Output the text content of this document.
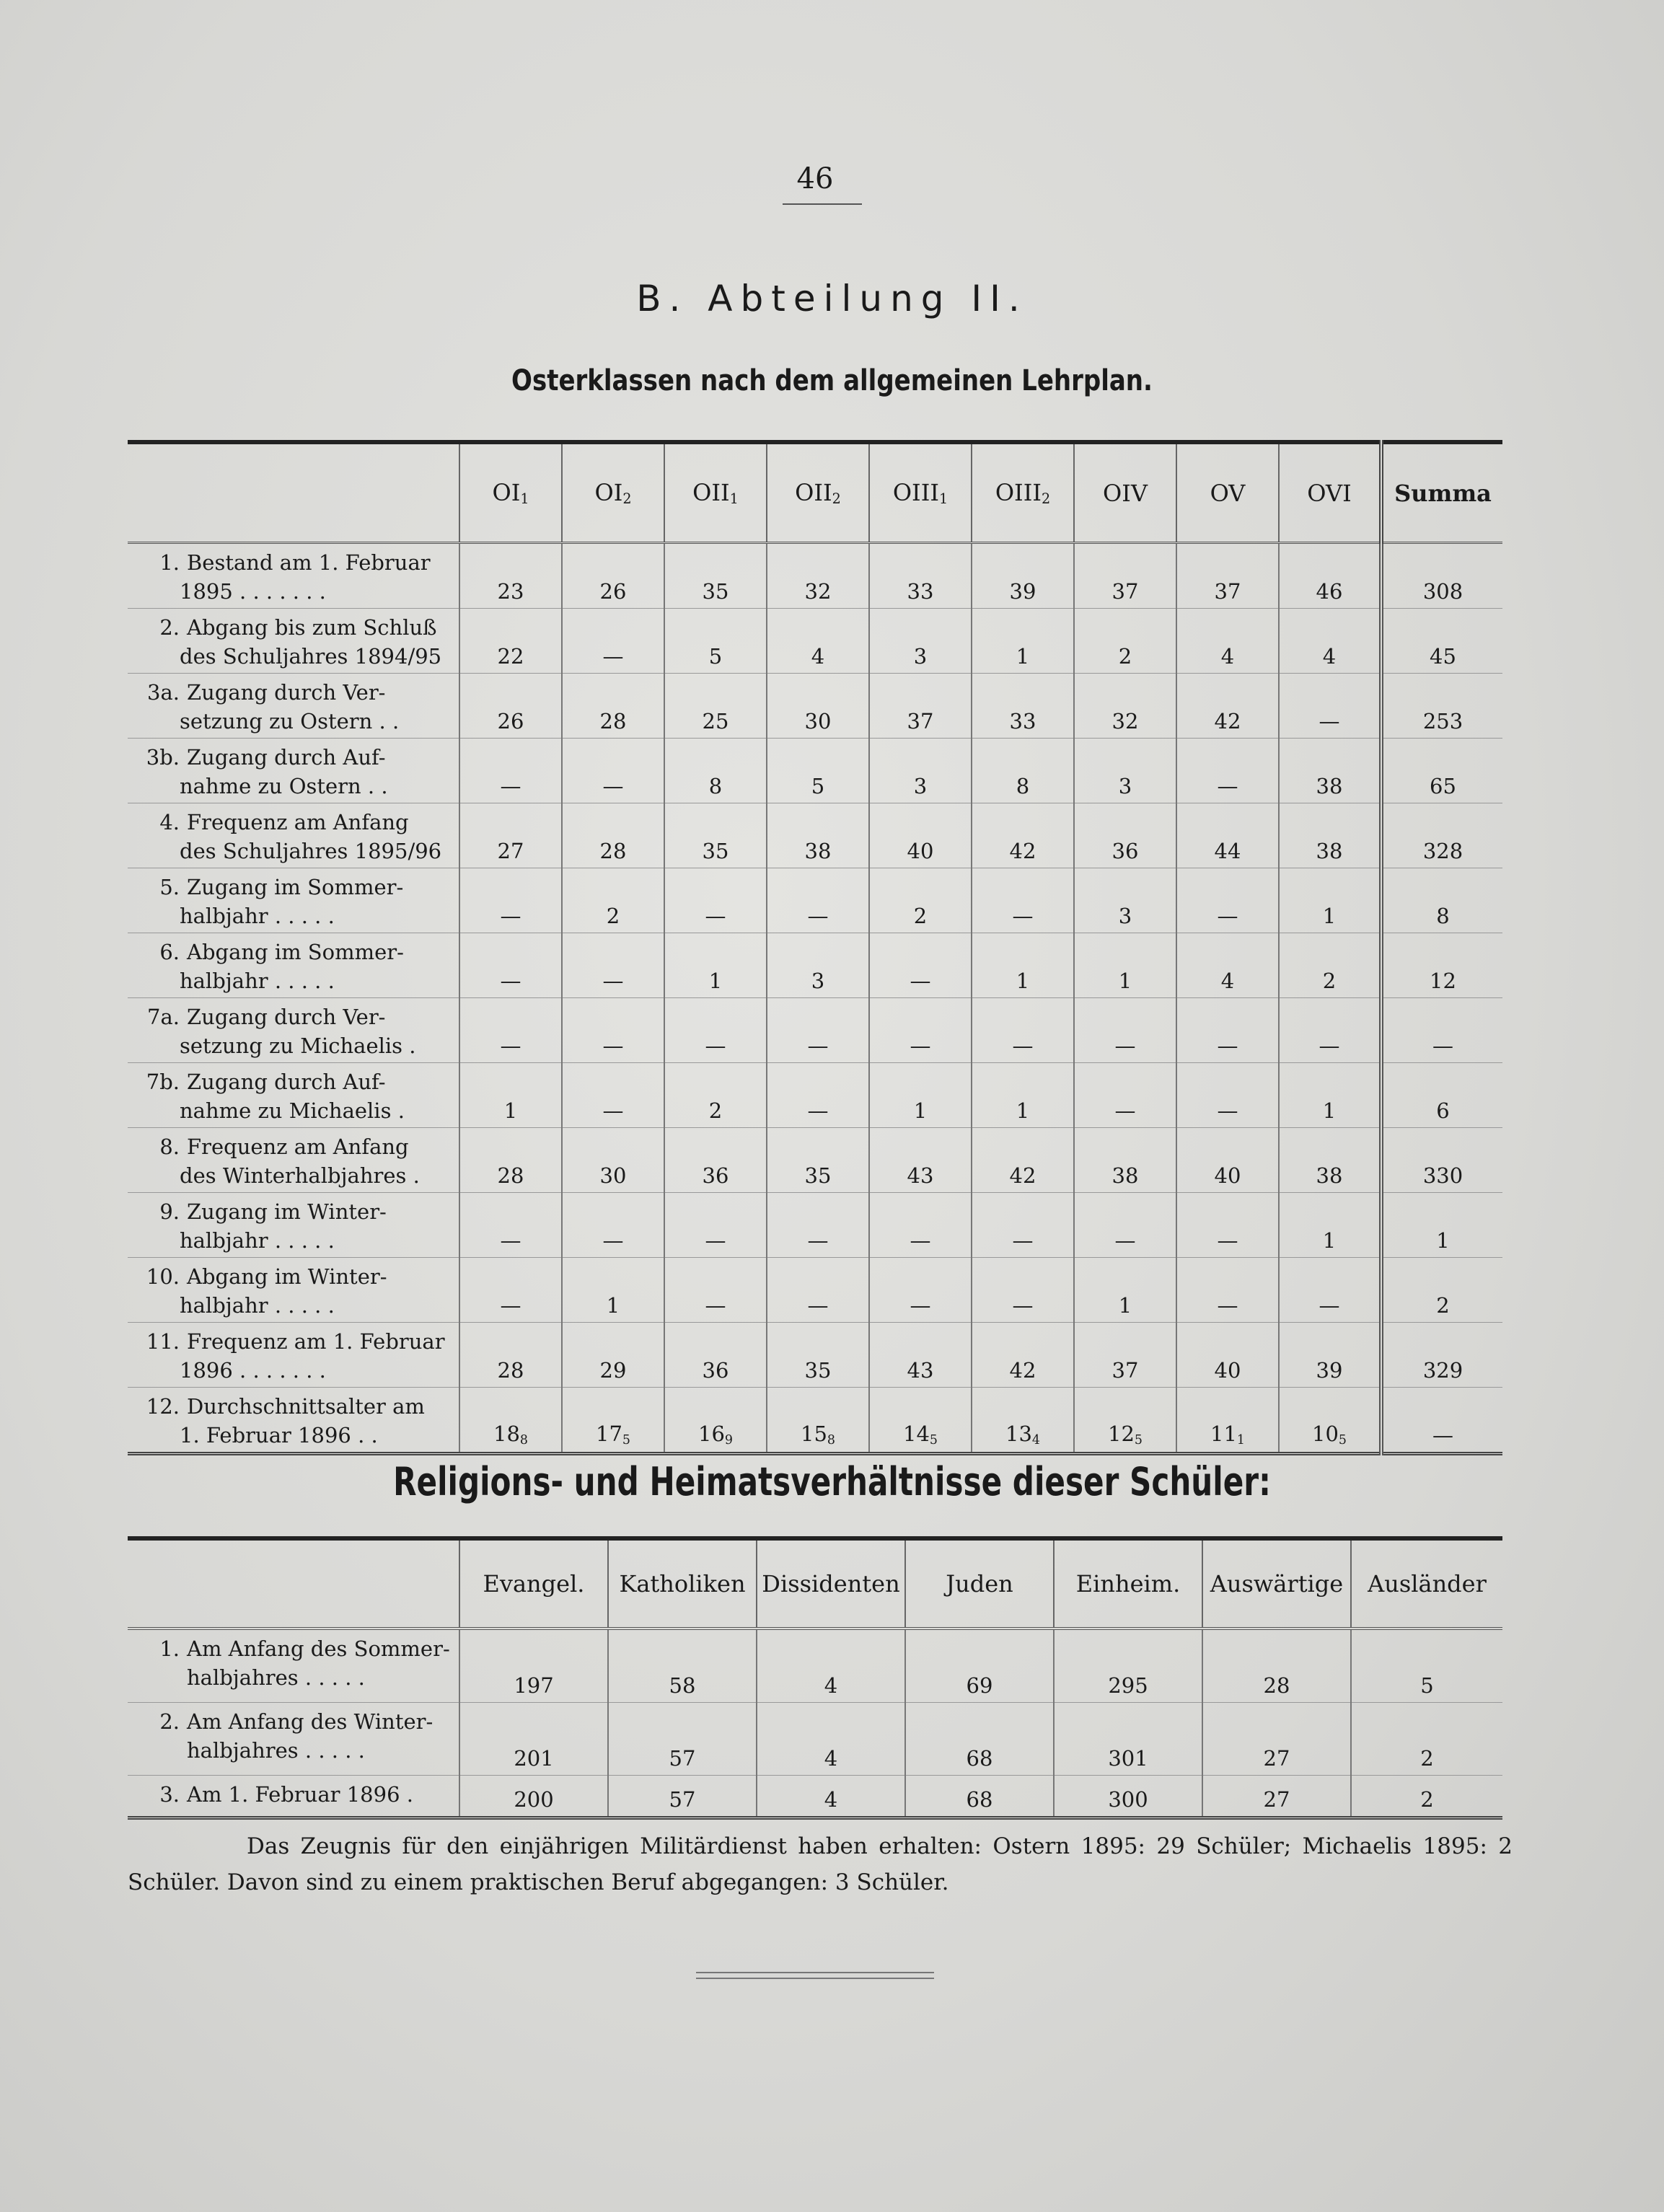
46
B. Abteilung II.
Osterklassen nach dem allgemeinen Lehrplan.
	$OI_1$	$OI_2$	$OII_1$	$OII_2$	$OIII_1$	$OIII_2$	OIV	OV	OVI	Summa

1. Bestand am 1. Februar
1895 . . . . . . .	23	26	35	32	33	39	37	37	46	308

2. Abgang bis zum Schluß
des Schuljahres 1894/95	22	—	5	4	3	1	2	4	4	45

3a. Zugang durch Ver-
setzung zu Ostern . .	26	28	25	30	37	33	32	42	—	253

3b. Zugang durch Auf-
nahme zu Ostern . .	—	—	8	5	3	8	3	—	38	65

4. Frequenz am Anfang
des Schuljahres 1895/96	27	28	35	38	40	42	36	44	38	328

5. Zugang im Sommer-
halbjahr . . . . .	—	2	—	—	2	—	3	—	1	8

6. Abgang im Sommer-
halbjahr . . . . .	—	—	1	3	—	1	1	4	2	12

7a. Zugang durch Ver-
setzung zu Michaelis .	—	—	—	—	—	—	—	—	—	—

7b. Zugang durch Auf-
nahme zu Michaelis .	1	—	2	—	1	1	—	—	1	6

8. Frequenz am Anfang
des Winterhalbjahres .	28	30	36	35	43	42	38	40	38	330

9. Zugang im Winter-
halbjahr . . . . .	—	—	—	—	—	—	—	—	1	1

10. Abgang im Winter-
halbjahr . . . . .	—	1	—	—	—	—	1	—	—	2

11. Frequenz am 1. Februar
1896 . . . . . . .	28	29	36	35	43	42	37	40	39	329

12. Durchschnittsalter am
1. Februar 1896 . .	$18_8$	$17_5$	$16_9$	$15_8$	$14_5$	$13_4$	$12_5$	$11_1$	$10_5$	—
Religions- und Heimatsverhältnisse dieser Schüler:
	Evangel.	Katholiken	Dissidenten	Juden	Einheim.	Auswärtige	Ausländer

1. Am Anfang des Sommer-
halbjahres . . . . .	197	58	4	69	295	28	5

2. Am Anfang des Winter-
halbjahres . . . . .	201	57	4	68	301	27	2

3. Am 1. Februar 1896 .	200	57	4	68	300	27	2

Das Zeugnis für den einjährigen Militärdienst haben erhalten: Ostern 1895: 29 Schüler; Michaelis 1895: 2 Schüler. Davon sind zu einem praktischen Beruf abgegangen: 3 Schüler.
